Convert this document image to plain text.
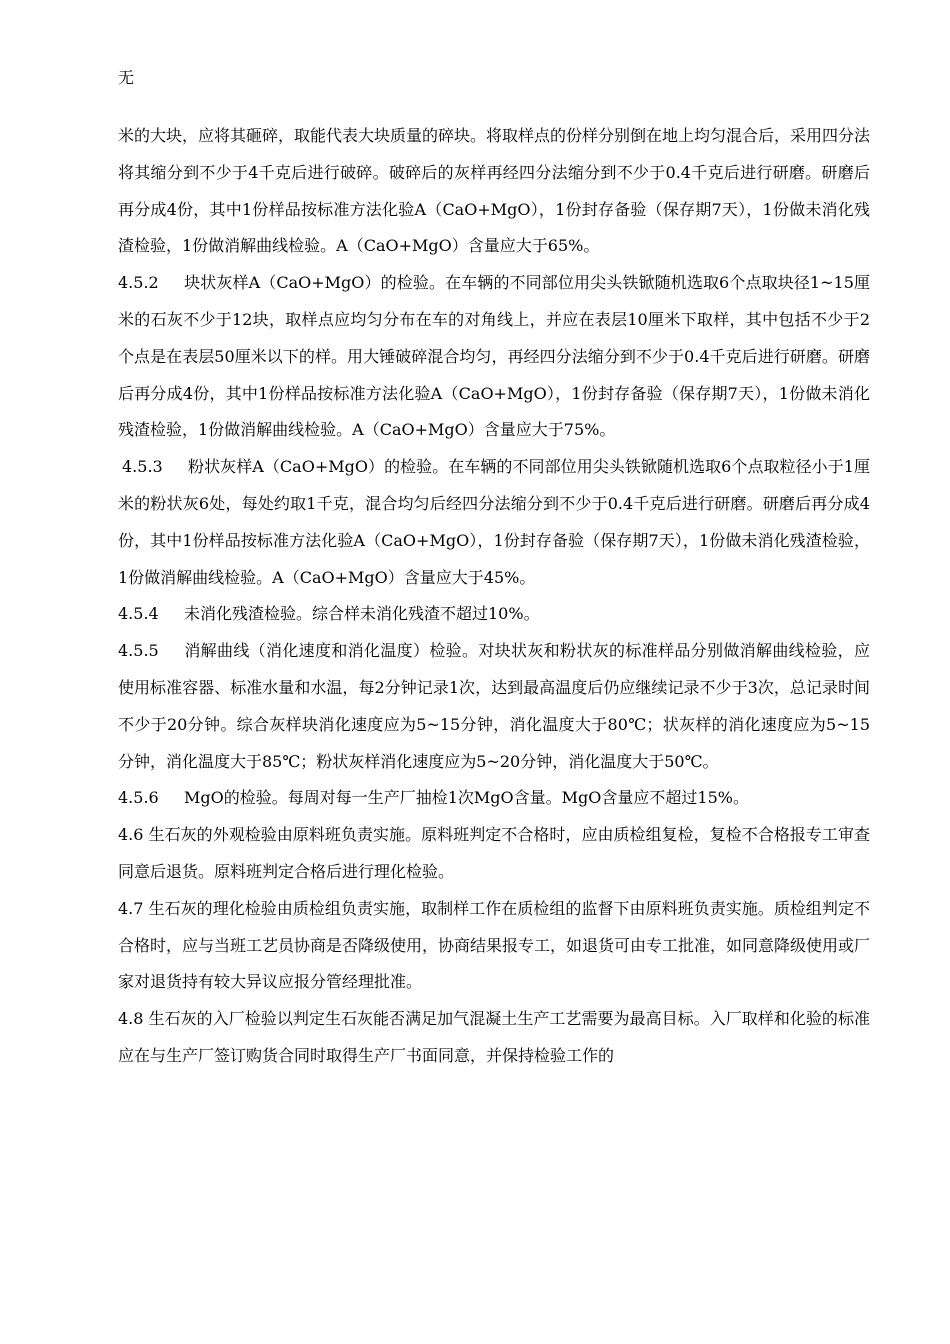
无

米的大块，应将其砸碎，取能代表大块质量的碎块。将取样点的份样分别倒在地上均匀混合后，采用四分法将其缩分到不少于4千克后进行破碎。破碎后的灰样再经四分法缩分到不少于0.4千克后进行研磨。研磨后再分成4份，其中1份样品按标准方法化验A（CaO+MgO），1份封存备验（保存期7天），1份做未消化残渣检验，1份做消解曲线检验。A（CaO+MgO）含量应大于65%。

4.5.2 块状灰样A（CaO+MgO）的检验。在车辆的不同部位用尖头铁锨随机选取6个点取块径1~15厘米的石灰不少于12块，取样点应均匀分布在车的对角线上，并应在表层10厘米下取样，其中包括不少于2个点是在表层50厘米以下的样。用大锤破碎混合均匀，再经四分法缩分到不少于0.4千克后进行研磨。研磨后再分成4份，其中1份样品按标准方法化验A（CaO+MgO），1份封存备验（保存期7天），1份做未消化残渣检验，1份做消解曲线检验。A（CaO+MgO）含量应大于75%。

4.5.3 粉状灰样A（CaO+MgO）的检验。在车辆的不同部位用尖头铁锨随机选取6个点取粒径小于1厘米的粉状灰6处，每处约取1千克，混合均匀后经四分法缩分到不少于0.4千克后进行研磨。研磨后再分成4份，其中1份样品按标准方法化验A（CaO+MgO），1份封存备验（保存期7天），1份做未消化残渣检验，1份做消解曲线检验。A（CaO+MgO）含量应大于45%。

4.5.4 未消化残渣检验。综合样未消化残渣不超过10%。

4.5.5 消解曲线（消化速度和消化温度）检验。对块状灰和粉状灰的标准样品分别做消解曲线检验，应使用标准容器、标准水量和水温，每2分钟记录1次，达到最高温度后仍应继续记录不少于3次，总记录时间不少于20分钟。综合灰样块消化速度应为5~15分钟，消化温度大于80℃；状灰样的消化速度应为5~15分钟，消化温度大于85℃；粉状灰样消化速度应为5~20分钟，消化温度大于50℃。

4.5.6 MgO的检验。每周对每一生产厂抽检1次MgO含量。MgO含量应不超过15%。

4.6 生石灰的外观检验由原料班负责实施。原料班判定不合格时，应由质检组复检，复检不合格报专工审查同意后退货。原料班判定合格后进行理化检验。

4.7 生石灰的理化检验由质检组负责实施，取制样工作在质检组的监督下由原料班负责实施。质检组判定不合格时，应与当班工艺员协商是否降级使用，协商结果报专工，如退货可由专工批准，如同意降级使用或厂家对退货持有较大异议应报分管经理批准。

4.8 生石灰的入厂检验以判定生石灰能否满足加气混凝土生产工艺需要为最高目标。入厂取样和化验的标准应在与生产厂签订购货合同时取得生产厂书面同意，并保持检验工作的
